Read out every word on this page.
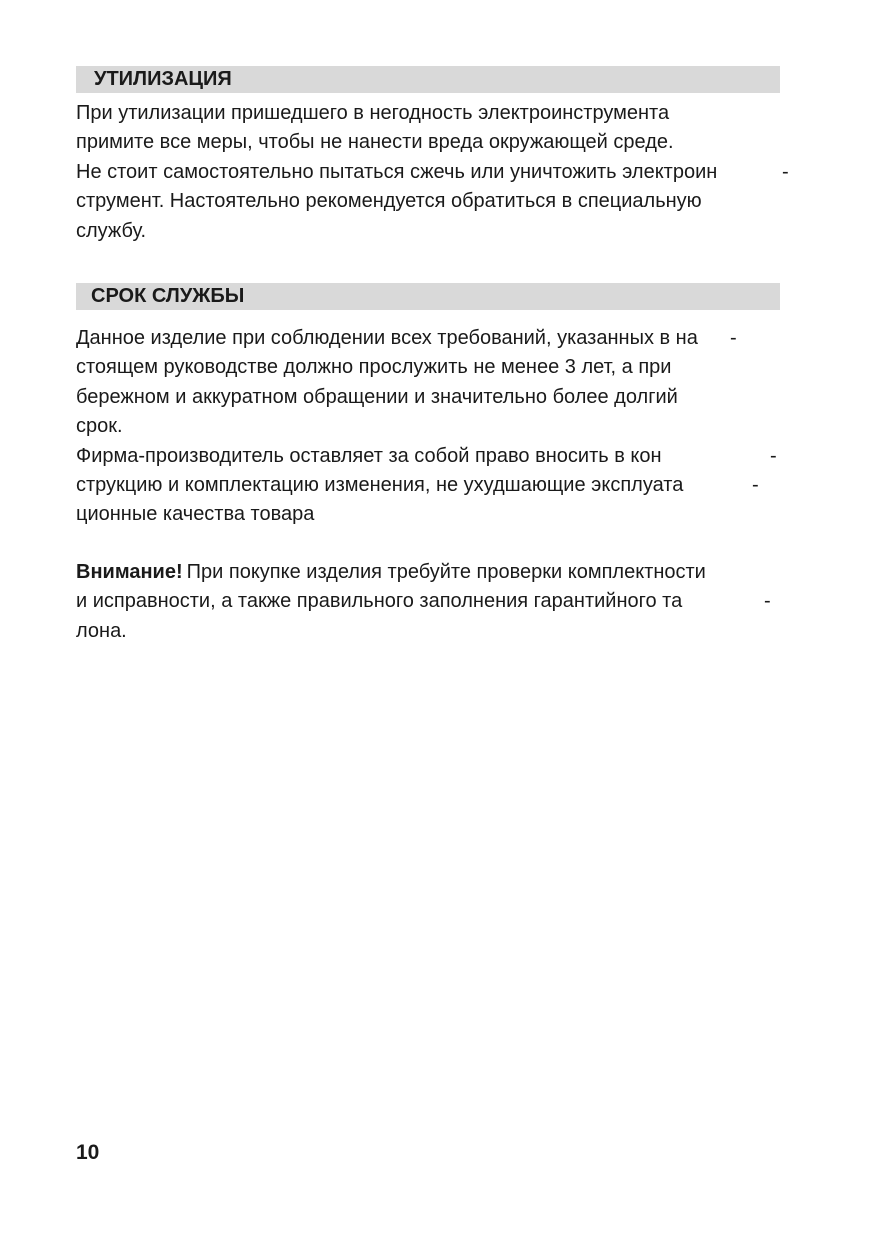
УТИЛИЗАЦИЯ
При утилизации пришедшего в негодность электроинструмента
примите все меры, чтобы не нанести вреда окружающей среде.
Не стоит самостоятельно пытаться сжечь или уничтожить электроин	-
струмент. Настоятельно рекомендуется обратиться в специальную
службу.
СРОК СЛУЖБЫ
Данное изделие при соблюдении всех требований, указанных в на -
стоящем руководстве должно прослужить не менее 3 лет, а при
бережном и аккуратном обращении и значительно более долгий
срок.
Фирма-производитель оставляет за собой право вносить в кон	-
струкцию и комплектацию изменения, не ухудшающие эксплуата	-
ционные качества товара
Внимание! При покупке изделия требуйте проверки комплектности
и исправности, а также правильного заполнения гарантийного та	-
лона.
10
